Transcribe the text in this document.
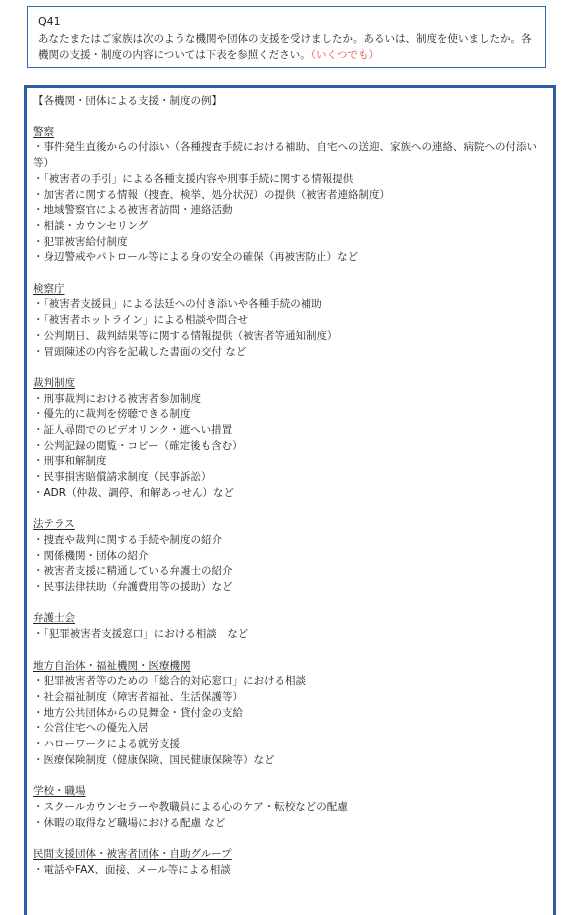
Q41
あなたまたはご家族は次のような機関や団体の支援を受けましたか。あるいは、制度を使いましたか。各機関の支援・制度の内容については下表を参照ください。（いくつでも）
【各機関・団体による支援・制度の例】
警察
・事件発生直後からの付添い（各種捜査手続における補助、自宅への送迎、家族への連絡、病院への付添い等）
・「被害者の手引」による各種支援内容や刑事手続に関する情報提供
・加害者に関する情報（捜査、検挙、処分状況）の提供（被害者連絡制度）
・地域警察官による被害者訪問・連絡活動
・相談・カウンセリング
・犯罪被害給付制度
・身辺警戒やパトロール等による身の安全の確保（再被害防止）など
検察庁
・「被害者支援員」による法廷への付き添いや各種手続の補助
・「被害者ホットライン」による相談や問合せ
・公判期日、裁判結果等に関する情報提供（被害者等通知制度）
・冒頭陳述の内容を記載した書面の交付 など
裁判制度
・刑事裁判における被害者参加制度
・優先的に裁判を傍聴できる制度
・証人尋問でのビデオリンク・遮へい措置
・公判記録の閲覧・コピー（確定後も含む）
・刑事和解制度
・民事損害賠償請求制度（民事訴訟）
・ADR（仲裁、調停、和解あっせん）など
法テラス
・捜査や裁判に関する手続や制度の紹介
・関係機関・団体の紹介
・被害者支援に精通している弁護士の紹介
・民事法律扶助（弁護費用等の援助）など
弁護士会
・「犯罪被害者支援窓口」における相談　など
地方自治体・福祉機関・医療機関
・犯罪被害者等のための「総合的対応窓口」における相談
・社会福祉制度（障害者福祉、生活保護等）
・地方公共団体からの見舞金・貸付金の支給
・公営住宅への優先入居
・ハローワークによる就労支援
・医療保険制度（健康保険、国民健康保険等）など
学校・職場
・スクールカウンセラーや教職員による心のケア・転校などの配慮
・休暇の取得など職場における配慮 など
民間支援団体・被害者団体・自助グループ
・電話やFAX、面接、メール等による相談
